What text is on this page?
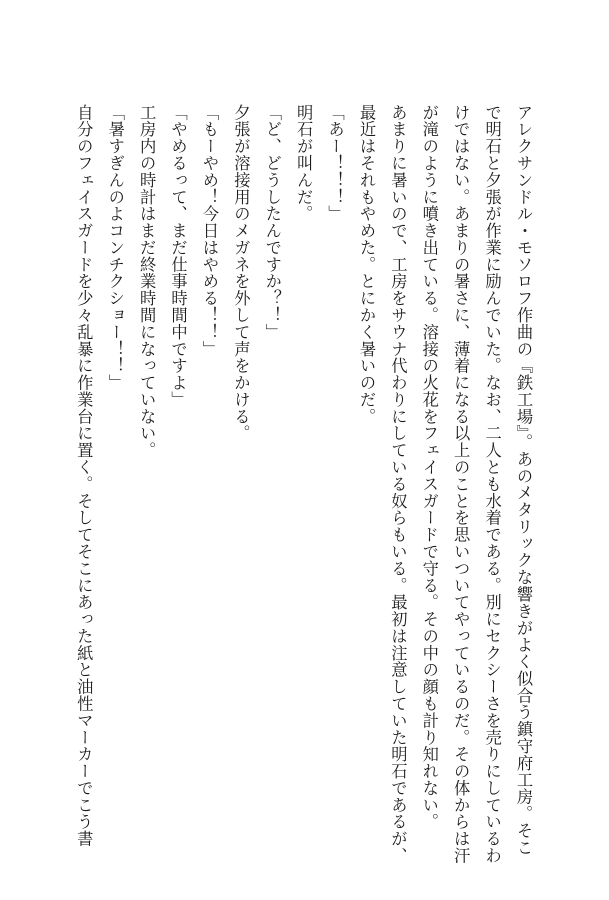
アレクサンドル・モソロフ作曲の『鉄工場』。あのメタリックな響きがよく似合う鎮守府工房。そこ
で明石と夕張が作業に励んでいた。なお、二人とも水着である。別にセクシーさを売りにしているわ
けではない。あまりの暑さに、薄着になる以上のことを思いついてやっているのだ。その体からは汗
が滝のように噴き出ている。溶接の火花をフェイスガードで守る。その中の顔も計り知れない。
あまりに暑いので、工房をサウナ代わりにしている奴らもいる。最初は注意していた明石であるが、
最近はそれもやめた。とにかく暑いのだ。
「あー！！！」
明石が叫んだ。
「ど、どうしたんですか？！」
夕張が溶接用のメガネを外して声をかける。
「もーやめ！今日はやめる！！」
「やめるって、まだ仕事時間中ですよ」
工房内の時計はまだ終業時間になっていない。
「暑すぎんのよコンチクショー！！」
自分のフェイスガードを少々乱暴に作業台に置く。そしてそこにあった紙と油性マーカーでこう書
